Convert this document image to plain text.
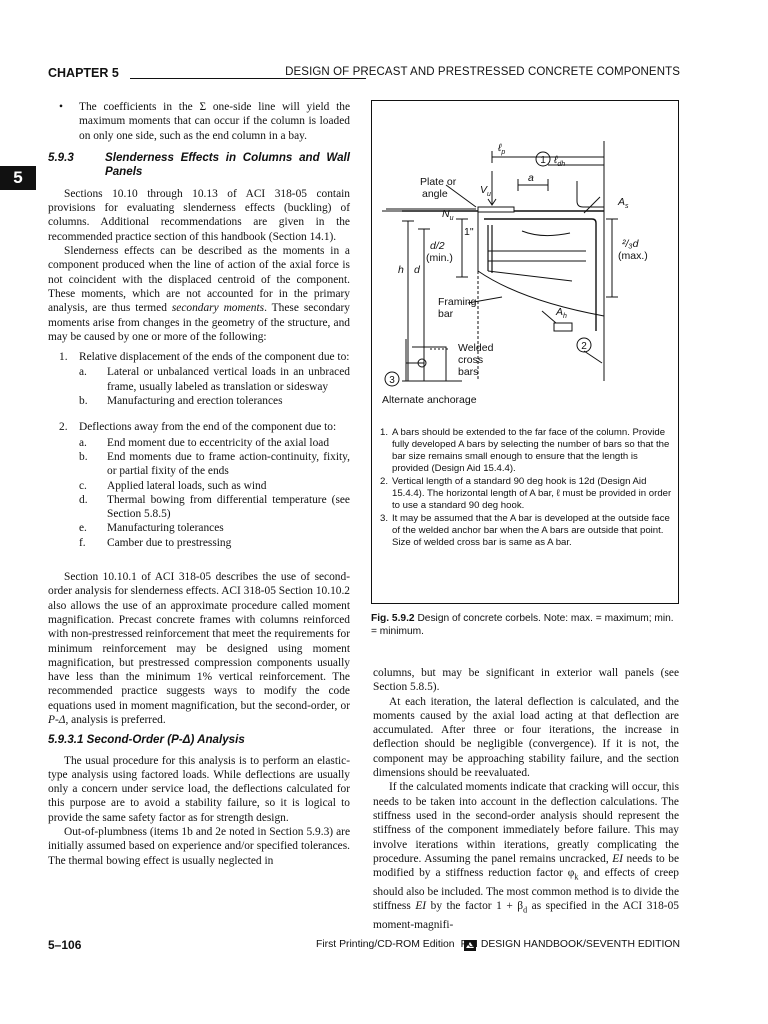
CHAPTER 5	DESIGN OF PRECAST AND PRESTRESSED CONCRETE COMPONENTS
5
• The coefficients in the Σ one-side line will yield the maximum moments that can occur if the column is loaded on only one side, such as the end column in a bay.
5.9.3	Slenderness Effects in Columns and Wall Panels

Sections 10.10 through 10.13 of ACI 318-05 contain provisions for evaluating slenderness effects (buckling) of columns. Additional recommendations are given in the recommended practice section of this handbook (Section 14.1).

Slenderness effects can be described as the moments in a component produced when the line of action of the axial force is not coincident with the displaced centroid of the component. These moments, which are not accounted for in the primary analysis, are thus termed secondary moments. These secondary moments arise from changes in the geometry of the structure, and may be caused by one or more of the following:

1. Relative displacement of the ends of the component due to:
a. Lateral or unbalanced vertical loads in an unbraced frame, usually labeled as translation or sidesway
b. Manufacturing and erection tolerances
2. Deflections away from the end of the component due to:
a. End moment due to eccentricity of the axial load
b. End moments due to frame action-continuity, fixity, or partial fixity of the ends
c. Applied lateral loads, such as wind
d. Thermal bowing from differential temperature (see Section 5.8.5)
e. Manufacturing tolerances
f. Camber due to prestressing

Section 10.10.1 of ACI 318-05 describes the use of second-order analysis for slenderness effects. ACI 318-05 Section 10.10.2 also allows the use of an approximate procedure called moment magnification. Precast concrete frames with columns reinforced with non-prestressed reinforcement that meet the requirements for minimum reinforcement may be designed using moment magnification, but prestressed compression components usually have less than the minimum 1% vertical reinforcement. The recommended practice suggests ways to modify the code equations used in moment magnification, but the second-order, or P-Δ, analysis is preferred.

5.9.3.1 Second-Order (P-Δ) Analysis

The usual procedure for this analysis is to perform an elastic-type analysis using factored loads. While deflections are usually only a concern under service load, the deflections calculated for this purpose are to avoid a stability failure, so it is logical to provide the same safety factor as for strength design.

Out-of-plumbness (items 1b and 2e noted in Section 5.9.3) are initially assumed based on experience and/or specified tolerances. The thermal bowing effect is usually neglected in

Plate or
angle
$N_u$
$V_u$
ℓ$_p$
a
ℓ$_{dh}$
$A_s$
1"
d/2
(min.)
h d
²/₃d
(max.)
Framing
bar	$A_h$
Welded
cross
bars
Alternate anchorage
1
2
3
1. A bars should be extended to the far face of the column. Provide fully developed A bars by selecting the number of bars so that the bar size remains small enough to ensure that the length is provided (Design Aid 15.4.4).
2. Vertical length of a standard 90 deg hook is 12d (Design Aid 15.4.4). The horizontal length of A bar, ℓ must be provided in order to use a standard 90 deg hook.
3. It may be assumed that the A bar is developed at the outside face of the welded anchor bar when the A bars are outside that point. Size of welded cross bar is same as A bar.
Fig. 5.9.2 Design of concrete corbels. Note: max. = maximum; min. = minimum.

columns, but may be significant in exterior wall panels (see Section 5.8.5).

At each iteration, the lateral deflection is calculated, and the moments caused by the axial load acting at that deflection are accumulated. After three or four iterations, the increase in deflection should be negligible (convergence). If it is not, the component may be approaching stability failure, and the section dimensions should be reevaluated.

If the calculated moments indicate that cracking will occur, this needs to be taken into account in the deflection calculations. The stiffness used in the second-order analysis should represent the stiffness of the component immediately before failure. This may involve iterations within iterations, greatly complicating the procedure. Assuming the panel remains uncracked, EI needs to be modified by a stiffness reduction factor $\varphi_k$ and effects of creep should also be included. The most common method is to divide the stiffness EI by the factor $1 + \beta_d$ as specified in the ACI 318-05 moment-magnifi-

5–106	First Printing/CD-ROM Edition PCI DESIGN HANDBOOK/SEVENTH EDITION
